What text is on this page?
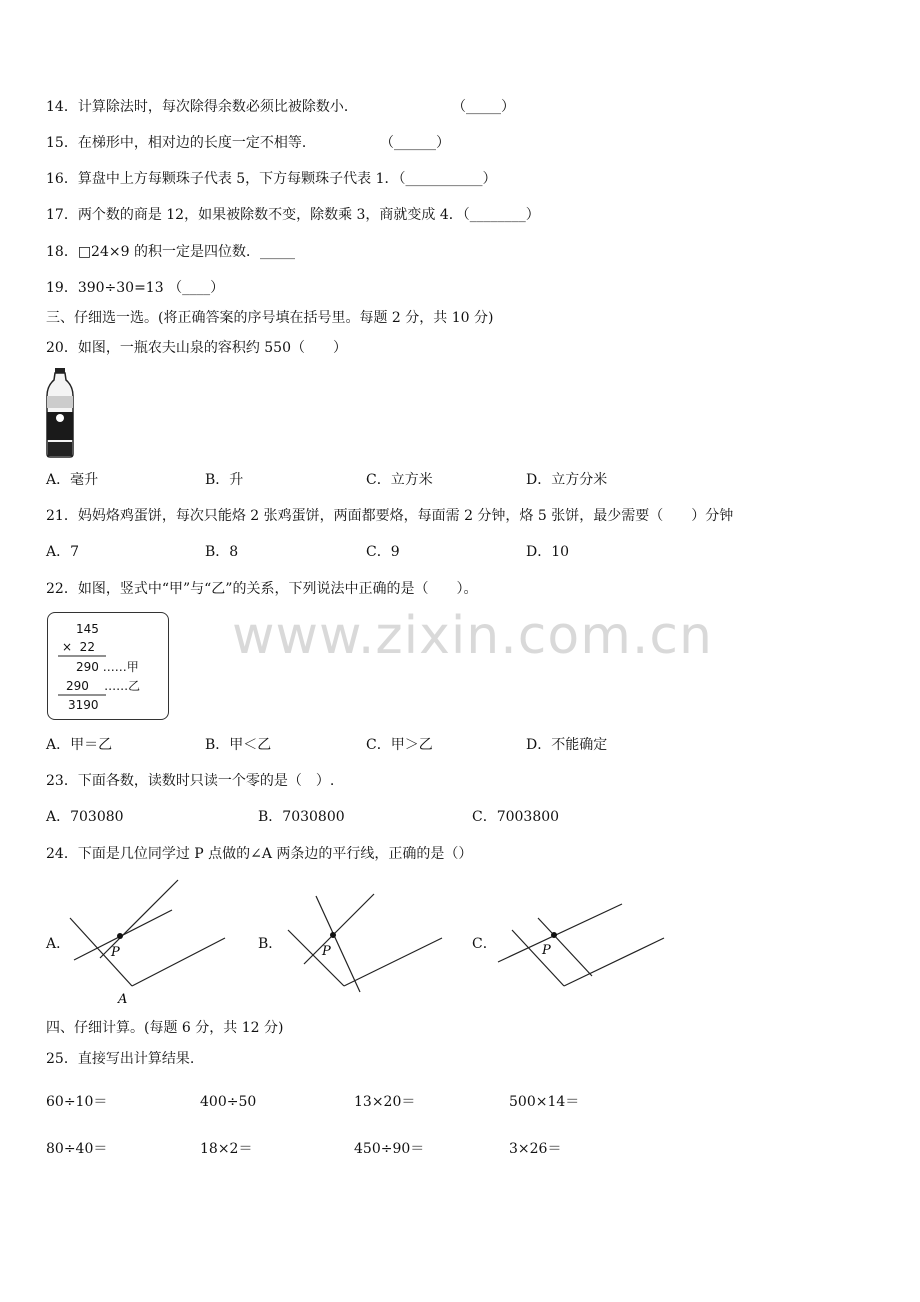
www.zixin.com.cn
14．计算除法时，每次除得余数必须比被除数小．	（_____）
15．在梯形中，相对边的长度一定不相等．	（______）
16．算盘中上方每颗珠子代表 5，下方每颗珠子代表 1．（___________）
17．两个数的商是 12，如果被除数不变，除数乘 3，商就变成 4．（________）
18．□24×9 的积一定是四位数．_____
19．390÷30=13 （____）
三、仔细选一选。(将正确答案的序号填在括号里。每题 2 分，共 10 分)
20．如图，一瓶农夫山泉的容积约 550（　　）
A．毫升	B．升	C．立方米	D．立方分米
21．妈妈烙鸡蛋饼，每次只能烙 2 张鸡蛋饼，两面都要烙，每面需 2 分钟，烙 5 张饼，最少需要（　　）分钟
A．7	B．8	C．9	D．10
22．如图，竖式中“甲”与“乙”的关系，下列说法中正确的是（　　）。
145
×  22
290 ……甲
290    ……乙
3190
A．甲＝乙	B．甲＜乙	C．甲＞乙	D．不能确定
23．下面各数，读数时只读一个零的是（　）.
A．703080	B．7030800	C．7003800
24．下面是几位同学过 P 点做的∠A 两条边的平行线，正确的是（）
A．
P
A
B．	P	C．	P
四、仔细计算。(每题 6 分，共 12 分)
25．直接写出计算结果.
60÷10＝	400÷50	13×20＝	500×14＝
80÷40＝	18×2＝	450÷90＝	3×26＝
